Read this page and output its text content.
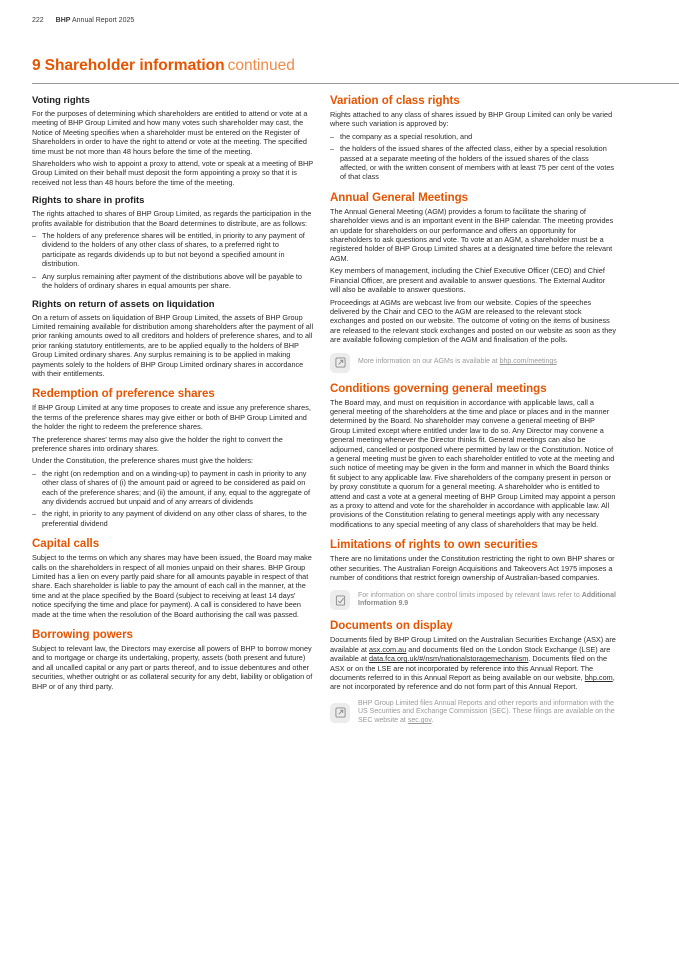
222 BHP Annual Report 2025
9 Shareholder information continued
Voting rights

For the purposes of determining which shareholders are entitled to attend or vote at a meeting of BHP Group Limited and how many votes such shareholder may cast, the Notice of Meeting specifies when a shareholder must be entered on the Register of Shareholders in order to have the right to attend or vote at the meeting. The specified time must be not more than 48 hours before the time of the meeting.

Shareholders who wish to appoint a proxy to attend, vote or speak at a meeting of BHP Group Limited on their behalf must deposit the form appointing a proxy so that it is received not less than 48 hours before the time of the meeting.

Rights to share in profits

The rights attached to shares of BHP Group Limited, as regards the participation in the profits available for distribution that the Board determines to distribute, are as follows:

– The holders of any preference shares will be entitled, in priority to any payment of dividend to the holders of any other class of shares, to a preferred right to participate as regards dividends up to but not beyond a specified amount in distribution.
– Any surplus remaining after payment of the distributions above will be payable to the holders of ordinary shares in equal amounts per share.
Rights on return of assets on liquidation

On a return of assets on liquidation of BHP Group Limited, the assets of BHP Group Limited remaining available for distribution among shareholders after the payment of all prior ranking amounts owed to all creditors and holders of preference shares, and to all prior ranking statutory entitlements, are to be applied equally to the holders of BHP Group Limited ordinary shares. Any surplus remaining is to be applied in making payments solely to the holders of BHP Group Limited ordinary shares in accordance with their entitlements.

Redemption of preference shares

If BHP Group Limited at any time proposes to create and issue any preference shares, the terms of the preference shares may give either or both of BHP Group Limited and the holder the right to redeem the preference shares.

The preference shares' terms may also give the holder the right to convert the preference shares into ordinary shares.

Under the Constitution, the preference shares must give the holders:

– the right (on redemption and on a winding-up) to payment in cash in priority to any other class of shares of (i) the amount paid or agreed to be considered as paid on each of the preference shares; and (ii) the amount, if any, equal to the aggregate of any dividends accrued but unpaid and of any arrears of dividends
– the right, in priority to any payment of dividend on any other class of shares, to the preferential dividend
Capital calls

Subject to the terms on which any shares may have been issued, the Board may make calls on the shareholders in respect of all monies unpaid on their shares. BHP Group Limited has a lien on every partly paid share for all amounts payable in respect of that share. Each shareholder is liable to pay the amount of each call in the manner, at the time and at the place specified by the Board (subject to receiving at least 14 days' notice specifying the time and place for payment). A call is considered to have been made at the time when the resolution of the Board authorising the call was passed.

Borrowing powers

Subject to relevant law, the Directors may exercise all powers of BHP to borrow money and to mortgage or charge its undertaking, property, assets (both present and future) and all uncalled capital or any part or parts thereof, and to issue debentures and other securities, whether outright or as collateral security for any debt, liability or obligation of BHP or of any third party.

Variation of class rights

Rights attached to any class of shares issued by BHP Group Limited can only be varied where such variation is approved by:

– the company as a special resolution, and
– the holders of the issued shares of the affected class, either by a special resolution passed at a separate meeting of the holders of the issued shares of the class affected, or with the written consent of members with at least 75 per cent of the votes of that class
Annual General Meetings

The Annual General Meeting (AGM) provides a forum to facilitate the sharing of shareholder views and is an important event in the BHP calendar. The meeting provides an update for shareholders on our performance and offers an opportunity for shareholders to ask questions and vote. To vote at an AGM, a shareholder must be a registered holder of BHP Group Limited shares at a designated time before the relevant AGM.

Key members of management, including the Chief Executive Officer (CEO) and Chief Financial Officer, are present and available to answer questions. The External Auditor will also be available to answer questions.

Proceedings at AGMs are webcast live from our website. Copies of the speeches delivered by the Chair and CEO to the AGM are released to the relevant stock exchanges and posted on our website. The outcome of voting on the items of business are released to the relevant stock exchanges and posted on our website as soon as they are available following completion of the AGM and finalisation of the polls.

More information on our AGMs is available at bhp.com/meetings
Conditions governing general meetings

The Board may, and must on requisition in accordance with applicable laws, call a general meeting of the shareholders at the time and place or places and in the manner determined by the Board. No shareholder may convene a general meeting of BHP Group Limited except where entitled under law to do so. Any Director may convene a general meeting whenever the Director thinks fit. General meetings can also be adjourned, cancelled or postponed where permitted by law or the Constitution. Notice of a general meeting must be given to each shareholder entitled to vote at the meeting and such notice of meeting may be given in the form and manner in which the Board thinks fit subject to any applicable law. Five shareholders of the company present in person or by proxy constitute a quorum for a general meeting. A shareholder who is entitled to attend and cast a vote at a general meeting of BHP Group Limited may appoint a person as a proxy to attend and vote for the shareholder in accordance with applicable law. All provisions of the Constitution relating to general meetings apply with any necessary modifications to any special meeting of any class of shareholders that may be held.

Limitations of rights to own securities

There are no limitations under the Constitution restricting the right to own BHP shares or other securities. The Australian Foreign Acquisitions and Takeovers Act 1975 imposes a number of conditions that restrict foreign ownership of Australian-based companies.

For information on share control limits imposed by relevant laws refer to Additional Information 9.9
Documents on display

Documents filed by BHP Group Limited on the Australian Securities Exchange (ASX) are available at asx.com.au and documents filed on the London Stock Exchange (LSE) are available at data.fca.org.uk/#/nsm/nationalstoragemechanism. Documents filed on the ASX or on the LSE are not incorporated by reference into this Annual Report. The documents referred to in this Annual Report as being available on our website, bhp.com, are not incorporated by reference and do not form part of this Annual Report.

BHP Group Limited files Annual Reports and other reports and information with the US Securities and Exchange Commission (SEC). These filings are available on the SEC website at sec.gov.
